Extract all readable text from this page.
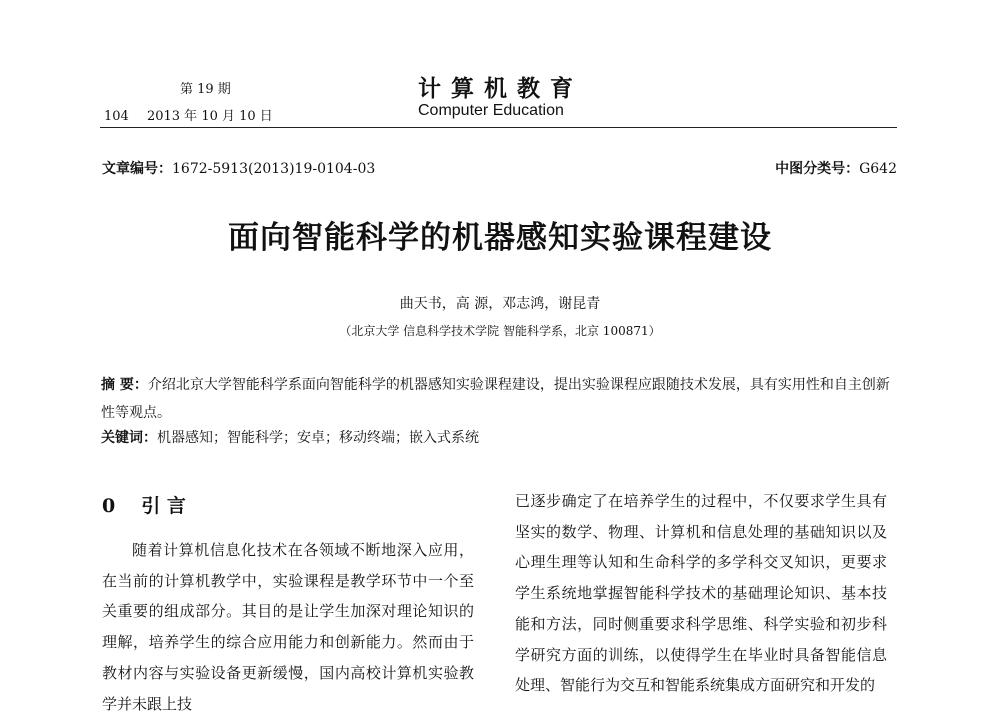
第 19 期
104 2013 年 10 月 10 日
计算机教育
Computer Education
文章编号：1672-5913(2013)19-0104-03	中图分类号：G642
面向智能科学的机器感知实验课程建设
曲天书，高 源，邓志鸿，谢昆青
（北京大学 信息科学技术学院 智能科学系，北京 100871）
摘 要：介绍北京大学智能科学系面向智能科学的机器感知实验课程建设，提出实验课程应跟随技术发展，具有实用性和自主创新性等观点。
关键词：机器感知；智能科学；安卓；移动终端；嵌入式系统
0 引 言
随着计算机信息化技术在各领域不断地深入应用，在当前的计算机教学中，实验课程是教学环节中一个至关重要的组成部分。其目的是让学生加深对理论知识的理解，培养学生的综合应用能力和创新能力。然而由于教材内容与实验设备更新缓慢，国内高校计算机实验教学并未跟上技
已逐步确定了在培养学生的过程中，不仅要求学生具有坚实的数学、物理、计算机和信息处理的基础知识以及心理生理等认知和生命科学的多学科交叉知识，更要求学生系统地掌握智能科学技术的基础理论知识、基本技能和方法，同时侧重要求科学思维、科学实验和初步科学研究方面的训练，以使得学生在毕业时具备智能信息处理、智能行为交互和智能系统集成方面研究和开发的
